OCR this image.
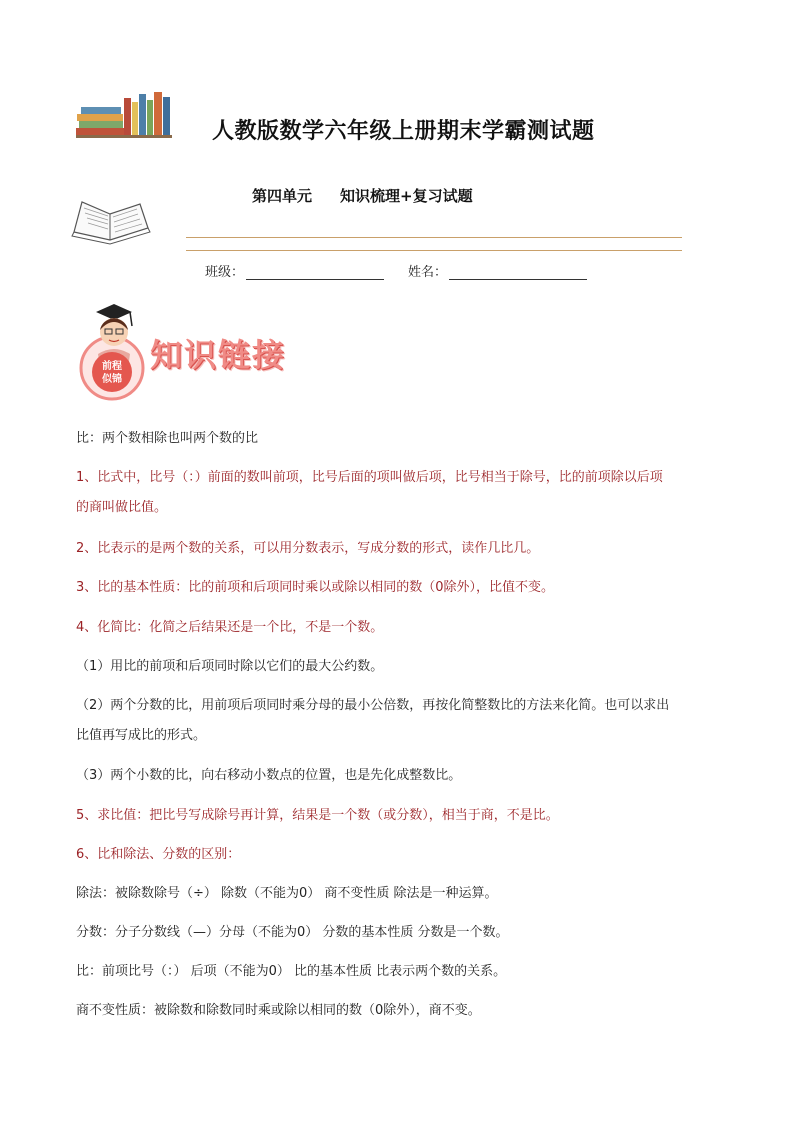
人教版数学六年级上册期末学霸测试题
第四单元 知识梳理+复习试题
班级：	姓名：
前程
似锦
知识链接
比：两个数相除也叫两个数的比
1、比式中，比号（：）前面的数叫前项，比号后面的项叫做后项，比号相当于除号，比的前项除以后项
的商叫做比值。
2、比表示的是两个数的关系，可以用分数表示，写成分数的形式，读作几比几。
3、比的基本性质：比的前项和后项同时乘以或除以相同的数（0除外），比值不变。
4、化简比：化简之后结果还是一个比，不是一个数。
（1）用比的前项和后项同时除以它们的最大公约数。
（2）两个分数的比，用前项后项同时乘分母的最小公倍数，再按化简整数比的方法来化简。也可以求出
比值再写成比的形式。
（3）两个小数的比，向右移动小数点的位置，也是先化成整数比。
5、求比值：把比号写成除号再计算，结果是一个数（或分数），相当于商，不是比。
6、比和除法、分数的区别：
除法：被除数除号（÷） 除数（不能为0） 商不变性质 除法是一种运算。
分数：分子分数线（—）分母（不能为0） 分数的基本性质 分数是一个数。
比：前项比号（：） 后项（不能为0） 比的基本性质 比表示两个数的关系。
商不变性质：被除数和除数同时乘或除以相同的数（0除外），商不变。
